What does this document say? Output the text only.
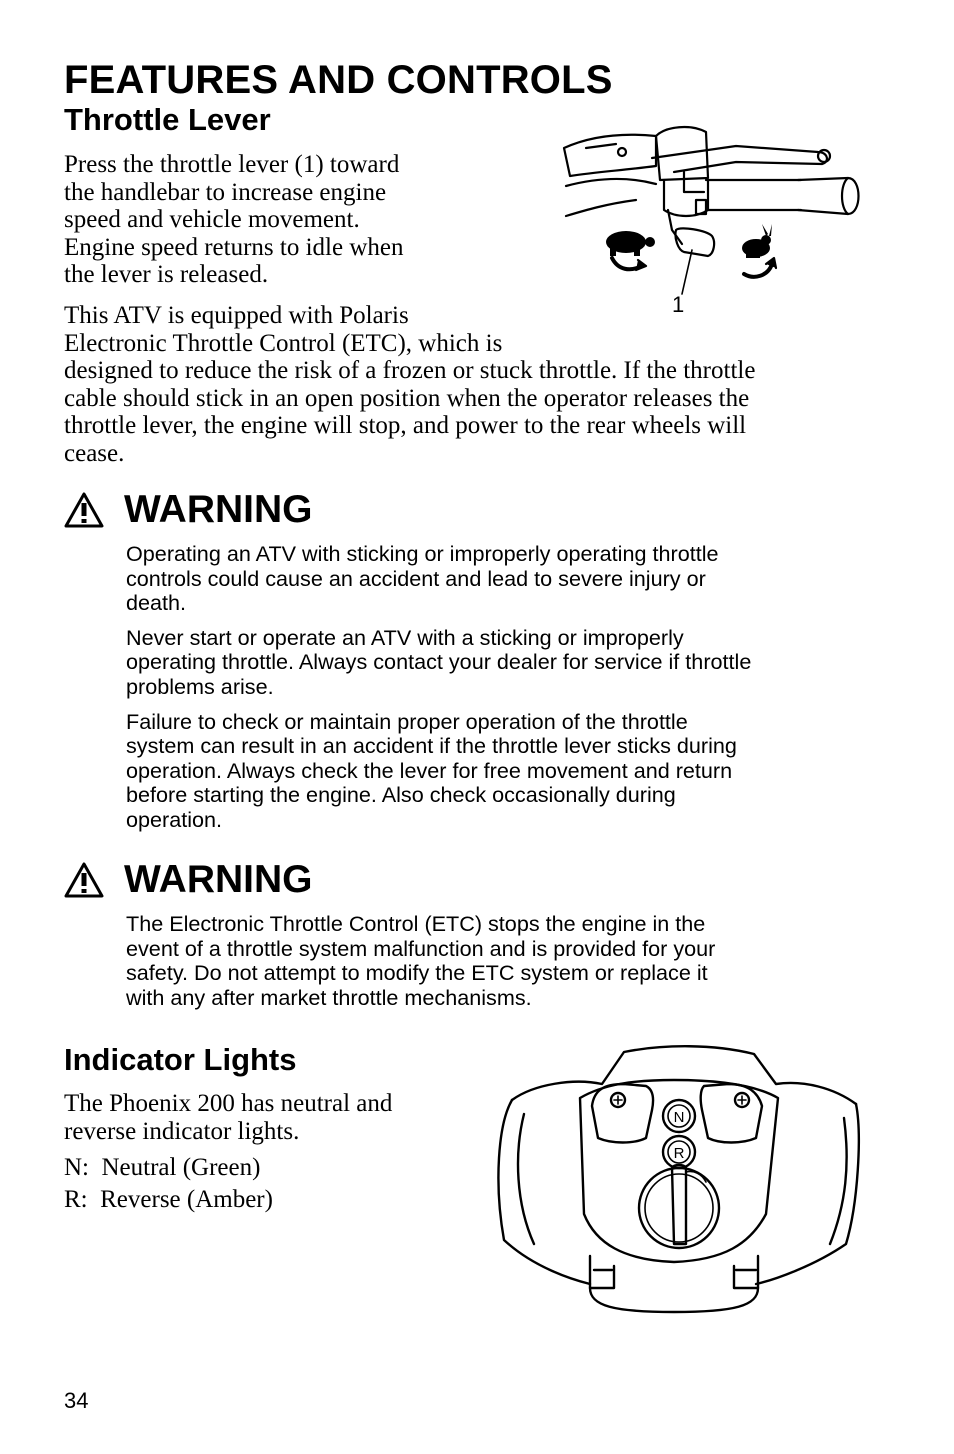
FEATURES AND CONTROLS
Throttle Lever
Press the throttle lever (1) toward
the handlebar to increase engine
speed and vehicle movement.
Engine speed returns to idle when
the lever is released.
This ATV is equipped with Polaris
Electronic Throttle Control (ETC), which is
designed to reduce the risk of a frozen or stuck throttle. If the throttle
cable should stick in an open position when the operator releases the
throttle lever, the engine will stop, and power to the rear wheels will
cease.
1
WARNING

Operating an ATV with sticking or improperly operating throttle
controls could cause an accident and lead to severe injury or
death.

Never start or operate an ATV with a sticking or improperly
operating throttle. Always contact your dealer for service if throttle
problems arise.

Failure to check or maintain proper operation of the throttle
system can result in an accident if the throttle lever sticks during
operation. Always check the lever for free movement and return
before starting the engine. Also check occasionally during
operation.

WARNING

The Electronic Throttle Control (ETC) stops the engine in the
event of a throttle system malfunction and is provided for your
safety. Do not attempt to modify the ETC system or replace it
with any after market throttle mechanisms.

Indicator Lights
The Phoenix 200 has neutral and
reverse indicator lights.
N:  Neutral (Green)
R:  Reverse (Amber)
N
R
34
